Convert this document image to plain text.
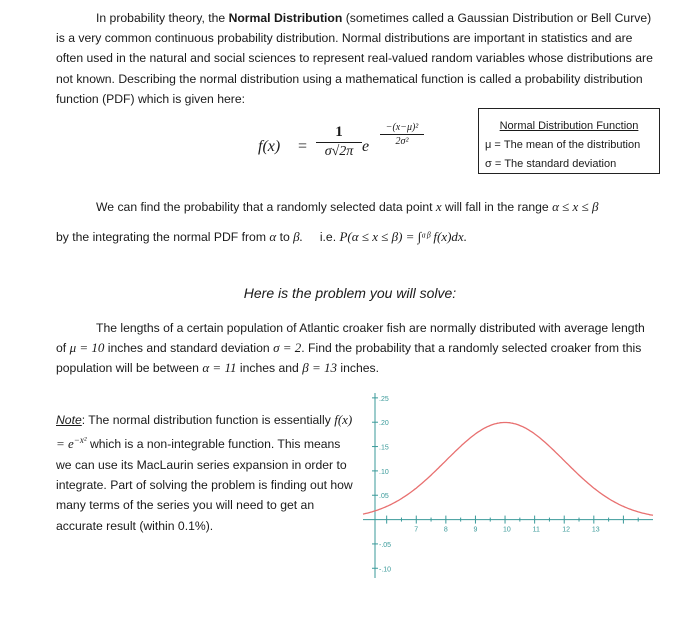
In probability theory, the Normal Distribution (sometimes called a Gaussian Distribution or Bell Curve) is a very common continuous probability distribution. Normal distributions are important in statistics and are often used in the natural and social sciences to represent real-valued random variables whose distributions are not known. Describing the normal distribution using a mathematical function is called a probability distribution function (PDF) which is given here:

f(x) =
1
σ√2π e
−(x−μ)²
2σ²
Normal Distribution Function
μ = The mean of the distribution
σ = The standard deviation
We can find the probability that a randomly selected data point x will fall in the range α ≤ x ≤ β
by the integrating the normal PDF from α to β. i.e. P(α ≤ x ≤ β) = ∫ᵅᵝ f(x)dx.
Here is the problem you will solve:

The lengths of a certain population of Atlantic croaker fish are normally distributed with average length of μ = 10 inches and standard deviation σ = 2. Find the probability that a randomly selected croaker from this population will be between α = 11 inches and β = 13 inches.

Note: The normal distribution function is essentially $f(x) = e^{-x^2}$ which is a non-integrable function. This means we can use its MacLaurin series expansion in order to integrate. Part of solving the problem is finding out how many terms of the series you will need to get an accurate result (within 0.1%).	7	8	9	10	11	12	13
.25
.20
.15
.10
.05
-.05
-.10
